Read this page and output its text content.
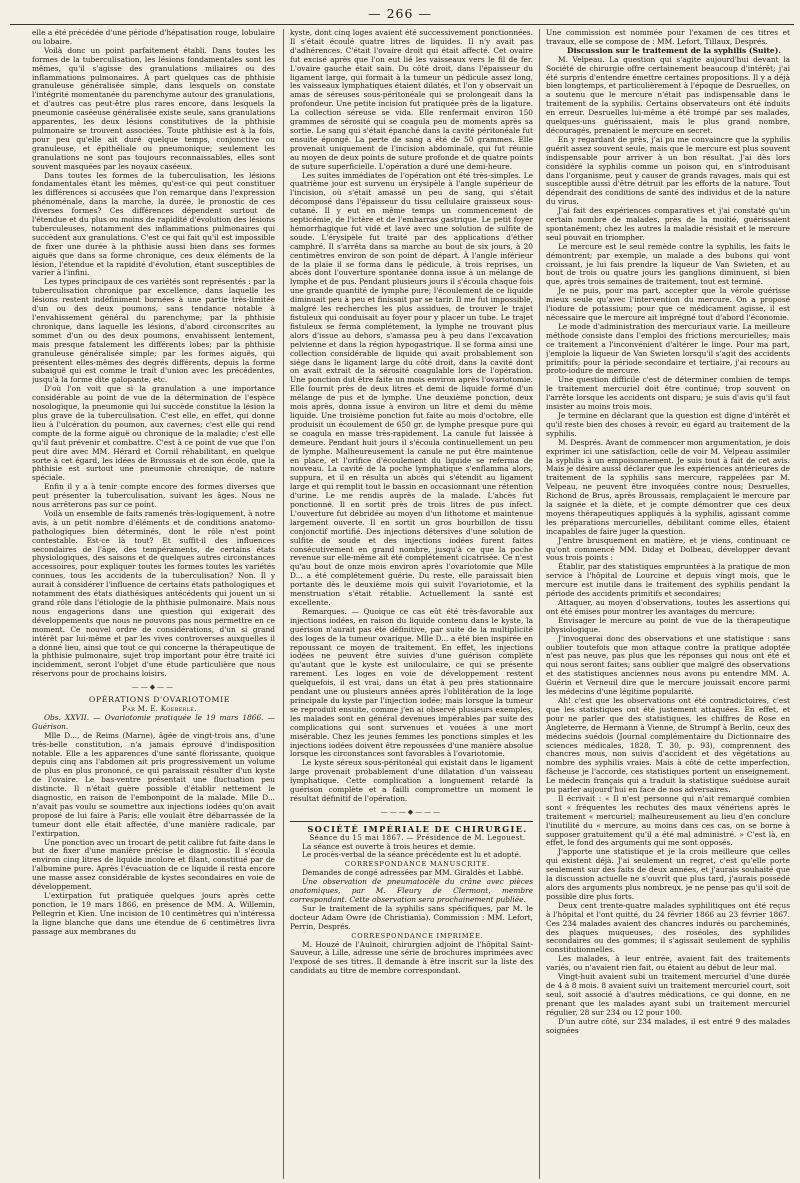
— 266 —

elle a été précédée d'une période d'hépatisation rouge, lobulaire ou lobaire.

Voilà donc un point parfaitement établi. Dans toutes les formes de la tuberculisation, les lésions fondamentales sont les mêmes, qu'il s'agisse des granulations miliaires ou des inflammations pulmonaires. À part quelques cas de phthisie granuleuse généralisée simple, dans lesquels on constate l'intégrité momentanée du parenchyme autour des granulations, et d'autres cas peut-être plus rares encore, dans lesquels la pneumonie caséeuse généralisée existe seule, sans granulations apparentes, les deux lésions constitutives de la phthisie pulmonaire se trouvent associées. Toute phthisie est à la fois, pour peu qu'elle ait duré quelque temps, conjonctive ou granuleuse, et épithéliale ou pneumonique; seulement les granulations ne sont pas toujours reconnaissables, elles sont souvent masquées par les noyaux caséeux.

Dans toutes les formes de la tuberculisation, les lésions fondamentales étant les mêmes, qu'est-ce qui peut constituer les différences si accusées que l'on remarque dans l'expression phénoménale, dans la marche, la durée, le pronostic de ces diverses formes? Ces différences dépendent surtout de l'étendue et du plus ou moins de rapidité d'évolution des lésions tuberculeuses, notamment des inflammations pulmonaires qui succèdent aux granulations. C'est ce qui fait qu'il est impossible de fixer une durée à la phthisie aussi bien dans ses formes aiguës que dans sa forme chronique, ces deux éléments de la lésion, l'étendue et la rapidité d'évolution, étant susceptibles de varier à l'infini.

Les types principaux de ces variétés sont représentés : par la tuberculisation chronique par excellence, dans laquelle les lésions restent indéfiniment bornées à une partie très-limitée d'un ou des deux poumons, sans tendance notable à l'envahissement général du parenchyme; par la phthisie chronique, dans laquelle les lésions, d'abord circonscrites au sommet d'un ou des deux poumons, envahissent lentement, mais presque fatalement les différents lobes; par la phthisie granuleuse généralisée simple; par les formes aiguës, qui présentent elles-mêmes des degrés différents, depuis la forme subaiguë qui est comme le trait d'union avec les précédentes, jusqu'à la forme dite galopante, etc.

D'où l'on voit que si la granulation a une importance considérable au point de vue de la détermination de l'espèce nosologique, la pneumonie qui lui succède constitue la lésion la plus grave de la tuberculisation. C'est elle, en effet, qui donne lieu à l'ulcération du poumon, aux cavernes; c'est elle qui rend compte de la forme aiguë ou chronique de la maladie; c'est elle qu'il faut prévenir et combattre. C'est à ce point de vue que l'on peut dire avec MM. Hérard et Cornil réhabilitant, en quelque sorte à cet égard, les idées de Broussais et de son école, que la phthisie est surtout une pneumonie chronique, de nature spéciale.

Enfin il y a à tenir compte encore des formes diverses que peut présenter la tuberculisation, suivant les âges. Nous ne nous arrêterons pas sur ce point.

Voilà un ensemble de faits ramenés très-logiquement, à notre avis, à un petit nombre d'éléments et de conditions anatomo-pathologiques bien déterminés, dont le rôle n'est point contestable. Est-ce là tout? Et suffit-il des influences secondaires de l'âge, des tempéraments, de certains états physiologiques, des saisons et de quelques autres circonstances accessoires, pour expliquer toutes les formes toutes les variétés connues, tous les accidents de la tuberculisation? Non. Il y aurait à considérer l'influence de certains états pathologiques et notamment des états diathésiques antécédents qui jouent un si grand rôle dans l'étiologie de la phthisie pulmonaire. Mais nous nous engagerions dans une question qui exigerait des développements que nous ne pouvons pas nous permettre en ce moment. Ce nouvel ordre de considérations, d'un si grand intérêt par lui-même et par les vives controverses auxquelles il a donné lieu, ainsi que tout ce qui concerne la thérapeutique de la phthisie pulmonaire, sujet trop important pour être traité ici incidemment, seront l'objet d'une étude particulière que nous réservons pour de prochains loisirs.

——◆——

OPÉRATIONS D'OVARIOTOMIE

Par M. E. Koeberlé.

Obs. XXVII. — Ovariotomie pratiquée le 19 mars 1866. — Guérison.

Mlle D..., de Reims (Marne), âgée de vingt-trois ans, d'une très-belle constitution, n'a jamais éprouvé d'indisposition notable. Elle a les apparences d'une santé florissante, quoique depuis cinq ans l'abdomen ait pris progressivement un volume de plus en plus prononcé, ce qui paraissait résulter d'un kyste de l'ovaire. Le bas-ventre présentait une fluctuation peu distincte. Il n'était guère possible d'établir nettement le diagnostic, en raison de l'embonpoint de la malade. Mlle D... n'avait pas voulu se soumettre aux injections iodées qu'on avait proposé de lui faire à Paris; elle voulait être débarrassée de la tumeur dont elle était affectée, d'une manière radicale, par l'extirpation.

Une ponction avec un trocart de petit calibre fut faite dans le but de fixer d'une manière précise le diagnostic. Il s'écoula environ cinq litres de liquide incolore et filant, constitué par de l'albumine pure. Après l'évacuation de ce liquide il resta encore une masse assez considérable de kystes secondaires en voie de développement.

L'extirpation fut pratiquée quelques jours après cette ponction, le 19 mars 1866, en présence de MM. A. Willemin, Pellegrin et Kien. Une incision de 10 centimètres qui n'intéressa la ligne blanche que dans une étendue de 6 centimètres livra passage aux membranes du

kyste, dont cinq loges avaient été successivement ponctionnées. Il s'était écoulé quatre litres de liquides. Il n'y avait pas d'adhérences. C'était l'ovaire droit qui était affecté. Cet ovaire fut excisé après que l'on eut lié les vaisseaux vers le fil de fer. L'ovaire gauche était sain. Du côté droit, dans l'épaisseur du ligament large, qui formait à la tumeur un pédicule assez long, les vaisseaux lymphatiques étaient dilatés, et l'on y observait un amas de séreuses sous-péritonéale qui se prolongeait dans la profondeur. Une petite incision fut pratiquée près de la ligature. La collection séreuse se vida. Elle renfermait environ 150 grammes de sérosité qui se coagula peu de moments après sa sortie. Le sang qui s'était épanché dans la cavité péritonéale fut ensuite épongé. La perte de sang a été de 50 grammes. Elle provenait uniquement de l'incision abdominale, qui fut réunie au moyen de deux points de suture profonde et de quatre points de suture superficielle. L'opération a duré une demi-heure.

Les suites immédiates de l'opération ont été très-simples. Le quatrième jour est survenu un érysipèle à l'angle supérieur de l'incision, où s'était amassé un peu de sang, qui s'était décomposé dans l'épaisseur du tissu cellulaire graisseux sous-cutané. Il y eut en même temps un commencement de septicémie, de l'ictère et de l'embarras gastrique. Le petit foyer hémorrhagique fut vidé et lavé avec une solution de sulfite de soude. L'érysipèle fut traité par des applications d'éther camphré. Il s'arrêta dans sa marche au bout de six jours, à 20 centimètres environ de son point de départ. À l'angle inférieur de la plaie il se forma dans le pédicule, à trois reprises, un abcès dont l'ouverture spontanée donna issue à un mélange de lymphe et de pus. Pendant plusieurs jours il s'écoula chaque fois une grande quantité de lymphe pure; l'écoulement de ce liquide diminuait peu à peu et finissait par se tarir. Il me fut impossible, malgré les recherches les plus assidues, de trouver le trajet fistuleux qui conduisait au foyer pour y placer un tube. Le trajet fistuleux se ferma complétement, la lymphe ne trouvant plus alors d'issue au dehors, s'amassa peu à peu dans l'excavation pelvienne et dans la région hypogastrique. Il se forma ainsi une collection considérable de liquide qui avait probablement son siége dans le ligament large du côté droit, dans la cavité dont on avait extrait de la sérosité coagulable lors de l'opération. Une ponction dut être faite un mois environ après l'ovariotomie. Elle fournit près de deux litres et demi de liquide formé d'un mélange de pus et de lymphe. Une deuxième ponction, deux mois après, donna issue à environ un litre et demi du même liquide. Une troisième ponction fut faite au mois d'octobre, elle produisit un écoulement de 650 gr. de lymphe presque pure qui se coagula en masse très-rapidement. La canule fut laissée à demeure. Pendant huit jours il s'écoula continuellement un peu de lymphe. Malheureusement la canule ne put être maintenue en place, et l'orifice d'écoulement du liquide se referma de nouveau. La cavité de la poche lymphatique s'enflamma alors, suppura, et il en résulta un abcès qui s'étendit au ligament large et qui remplit tout le bassin en occasionnant une rétention d'urine. Le me rendis auprès de la malade. L'abcès fut ponctionné. Il en sortit près de trois litres de pus infect. L'ouverture fut débridée au moyen d'un lithotome et maintenue largement ouverte. Il en sortit un gros bourbillon de tissu conjonctif mortifié. Des injections détersives d'une solution de sulfite de soude et des injections iodées furent faites consécutivement en grand nombre, jusqu'à ce que la poche revenue sur elle-même ait été complétement cicatrisée. Ce n'est qu'au bout de onze mois environ après l'ovariotomie que Mlle D... a été complétement guérie. Du reste, elle paraissait bien portante dès le deuxième mois qui suivit l'ovariotomie, et la menstruation s'était rétablie. Actuellement la santé est excellente.

Remarques. — Quoique ce cas eût été très-favorable aux injections iodées, en raison du liquide contenu dans le kyste, la guérison n'aurait pas été définitive, par suite de la multiplicité des loges de la tumeur ovarique. Mlle D... a été bien inspirée en repoussant ce moyen de traitement. En effet, les injections iodées ne peuvent être suivies d'une guérison complète qu'autant que le kyste est uniloculaire, ce qui se présente rarement. Les loges en voie de développement restent quelquefois, il est vrai, dans un état à peu près stationnaire pendant une ou plusieurs années après l'oblitération de la loge principale du kyste par l'injection iodée; mais lorsque la tumeur se reproduit ensuite, comme j'en ai observé plusieurs exemples, les malades sont en général devenues impérables par suite des complications qui sont survenues et vouées à une mort misérable. Chez les jeunes femmes les ponctions simples et les injections iodées doivent être repoussées d'une manière absolue lorsque les circonstances sont favorables à l'ovariotomie.

Le kyste séreux sous-péritonéal qui existait dans le ligament large provenait probablement d'une dilatation d'un vaisseau lymphatique. Cette complication a longuement retardé la guérison complète et a failli compromettre un moment le résultat définitif de l'opération.

———◆———

SOCIÉTÉ IMPÉRIALE DE CHIRURGIE.

Séance du 15 mai 1867. — Présidence de M. Legouest.

La séance est ouverte à trois heures et demie.

Le procès-verbal de la séance précédente est lu et adopté.

CORRESPONDANCE MANUSCRITE.

Demandes de congé adressées par MM. Giraldès et Labbé.

Une observation de pneumatocèle du crâne avec pièces anatomiques, par M. Fleury de Clermont, membre correspondant. Cette observation sera prochainement publiée.

Sur le traitement de la syphilis sans spécifiques, par M. le docteur Adam Owre (de Christiania). Commission : MM. Lefort, Perrin, Després.

CORRESPONDANCE IMPRIMÉE.

M. Houzé de l'Aulnoit, chirurgien adjoint de l'hôpital Saint-Sauveur, à Lille, adresse une série de brochures imprimées avec l'exposé de ses titres. Il demande à être inscrit sur la liste des candidats au titre de membre correspondant.

Une commission est nommée pour l'examen de ces titres et travaux, elle se compose de : MM. Lefort, Tillaux, Després.

Discussion sur le traitement de la syphilis (Suite).

M. Velpeau. La question qui s'agite aujourd'hui devant la Société de chirurgie offre certainement beaucoup d'intérêt; j'ai été surpris d'entendre émettre certaines propositions. Il y a déjà bien longtemps, et particulièrement à l'époque de Desruelles, on a soutenu que le mercure n'était pas indispensable dans le traitement de la syphilis. Certains observateurs ont été induits en erreur. Desruelles lui-même a été trompé par ses malades, quelques-uns guérissaient, mais le plus grand nombre, découragés, prenaient le mercure en secret.

En y regardant de près, j'ai pu me convaincre que la syphilis guérit assez souvent seule, mais que le mercure est plus souvent indispensable pour arriver à un bon résultat. J'ai dès lors considéré la syphilis comme un poison qui, en s'introduisant dans l'organisme, peut y causer de grands ravages, mais qui est susceptible aussi d'être détruit par les efforts de la nature. Tout dépendrait des conditions de santé des individus et de la nature du virus.

J'ai fait des expériences comparatives et j'ai constaté qu'un certain nombre de malades, près de la moitié, guérissaient spontanément; chez les autres la maladie résistait et le mercure seul pouvait en triompher.

Le mercure est le seul remède contre la syphilis, les faits le démontrent; par exemple, un malade a des bubons qui vont croissant, je lui fais prendre la liqueur de Van Swieten, et au bout de trois ou quatre jours les ganglions diminuent, si bien que, après trois semaines de traitement, tout est terminé.

Je ne puis, pour ma part, accepter que la vérole guérisse mieux seule qu'avec l'intervention du mercure. On a proposé l'iodure de potassium; pour que ce médicament agisse, il est nécessaire que le mercure ait imprégné tout d'abord l'économie.

Le mode d'administration des mercuriaux varie. La meilleure méthode consiste dans l'emploi des frictions mercurielles; mais ce traitement a l'inconvénient d'altérer le linge. Pour ma part, j'emploie la liqueur de Van Swieten lorsqu'il s'agit des accidents primitifs; pour la période secondaire et tertiaire, j'ai recours au proto-iodure de mercure.

Une question difficile c'est de déterminer combien de temps le traitement mercuriel doit être continué; trop souvent on l'arrête lorsque les accidents ont disparu; je suis d'avis qu'il faut insister au moins trois mois.

Je termine en déclarant que la question est digne d'intérêt et qu'il reste bien des choses à revoir, eu égard au traitement de la syphilis.

M. Després. Avant de commencer mon argumentation, je dois exprimer ici une satisfaction, celle de voir M. Velpeau assimiler la syphilis à un empoisonnement. Je suis tout à fait de cet avis. Mais je désire aussi déclarer que les expériences antérieures de traitement de la syphilis sans mercure, rappelées par M. Velpeau, ne peuvent être invoquées contre nous; Desruelles, Richond de Brus, après Broussais, remplaçaient le mercure par la saignée et la diète, et je compte démontrer que ces deux moyens thérapeutiques appliqués à la syphilis, agissant comme les préparations mercurielles, débilitant comme elles, étaient incapables de faire juger la question.

J'entre brusquement en matière, et je viens, continuant ce qu'ont commencé MM. Diday et Dolbeau, développer devant vous trois points :

Établir, par des statistiques empruntées à la pratique de mon service à l'hôpital de Lourcine et depuis vingt mois, que le mercure est inutile dans le traitement des syphilis pendant la période des accidents primitifs et secondaires;

Attaquer, au moyen d'observations, toutes les assertions qui ont été émises pour montrer les avantages du mercure;

Envisager le mercure au point de vue de la thérapeutique physiologique.

J'invoquerai donc des observations et une statistique : sans oublier toutefois que mon attaque contre la pratique adoptée n'est pas neuve, pas plus que les réponses qui nous ont été et qui nous seront faites; sans oublier que malgré des observations et des statistiques anciennes nous avons pu entendre MM. A. Guérin et Verneuil dire que le mercure jouissait encore parmi les médecins d'une légitime popularité.

Ah! c'est que les observations ont été contradictoires, c'est que les statistiques ont été justement attaquées. En effet, et pour ne parler que des statistiques, les chiffres de Rose en Angleterre, de Hermann à Vienne, de Strumpf à Berlin, ceux des médecins suédois (Journal complémentaire du Dictionnaire des sciences médicales, 1828, T. 30, p. 93), comprennent des chancres mous, non suivis d'accident et des végétations au nombre des syphilis vraies. Mais à côté de cette imperfection, fâcheuse je l'accorde, ces statistiques portent un enseignement. Le médecin français qui a traduit la statistique suédoise aurait pu parler aujourd'hui en face de nos adversaires.

Il écrivait : « Il n'est personne qui n'ait remarqué combien sont « fréquentes les rechutes des maux vénériens après le traitement « mercuriel; malheureusement au lieu d'en conclure l'inutilité du « mercure, au moins dans ces cas, on se borne à supposer gratuitement qu'il a été mal administré. » C'est là, en effet, le fond des arguments qui me sont opposés.

J'apporte une statistique et je la crois meilleure que celles qui existent déjà. J'ai seulement un regret, c'est qu'elle porte seulement sur des faits de deux années, et j'aurais souhaité que la discussion actuelle ne s'ouvrît que plus tard, j'aurais possédé alors des arguments plus nombreux, je ne pense pas qu'il soit de possible dire plus forts.

Deux cent trente-quatre malades syphilitiques ont été reçus à l'hôpital et l'ont quitté, du 24 février 1866 au 23 février 1867. Ces 234 malades avaient des chancres indurés ou parcheminés, des plaques muqueuses, des roséoles, des syphilides secondaires ou des gommes; il s'agissait seulement de syphilis constitutionnelles.

Les malades, à leur entrée, avaient fait des traitements variés, ou n'avaient rien fait, ou étaient au début de leur mal.

Vingt-huit avaient subi un traitement mercuriel d'une durée de 4 à 8 mois. 8 avaient suivi un traitement mercuriel court, soit seul, soit associé à d'autres médications, ce qui donne, en ne prenant que les malades ayant subi un traitement mercuriel régulier, 28 sur 234 ou 12 pour 100.

D'un autre côté, sur 234 malades, il est entré 9 des malades soignées
